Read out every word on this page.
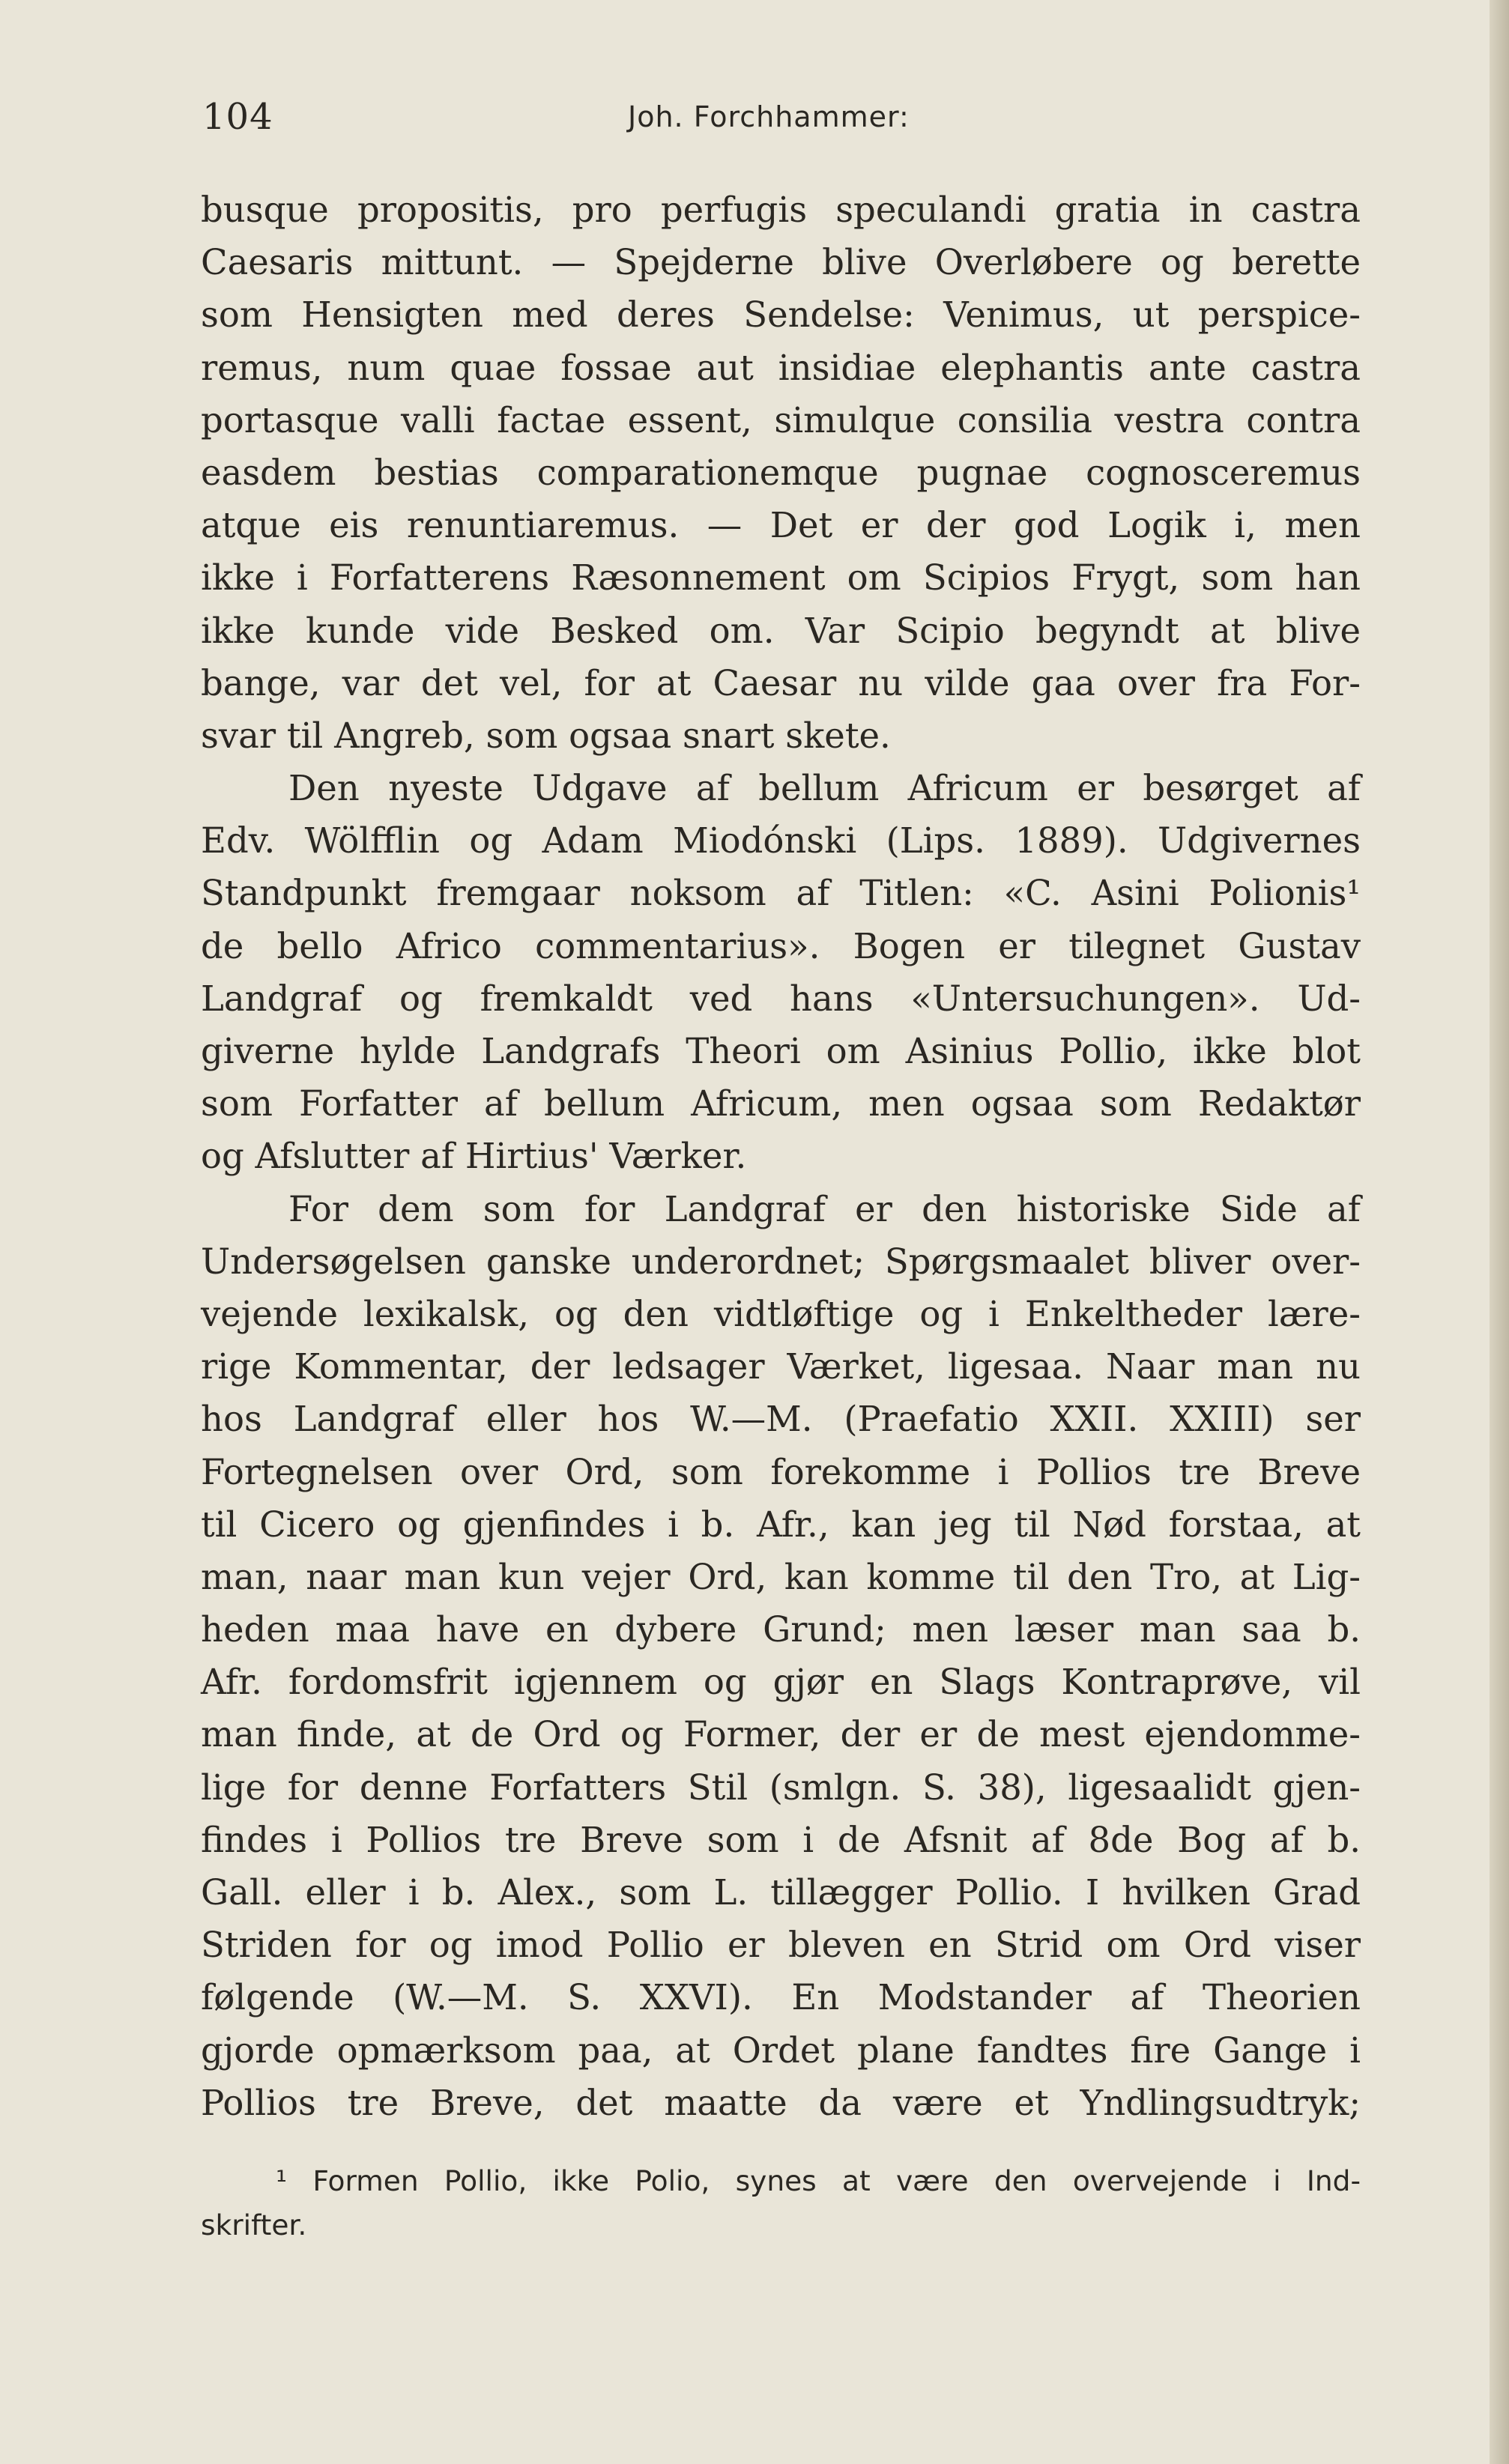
104	Joh. Forchhammer:
busque propositis, pro perfugis speculandi gratia in castra
Caesaris mittunt. — Spejderne blive Overløbere og berette
som Hensigten med deres Sendelse: Venimus, ut perspice-
remus, num quae fossae aut insidiae elephantis ante castra
portasque valli factae essent, simulque consilia vestra contra
easdem bestias comparationemque pugnae cognosceremus
atque eis renuntiaremus. — Det er der god Logik i, men
ikke i Forfatterens Ræsonnement om Scipios Frygt, som han
ikke kunde vide Besked om. Var Scipio begyndt at blive
bange, var det vel, for at Caesar nu vilde gaa over fra For-
svar til Angreb, som ogsaa snart skete.
Den nyeste Udgave af bellum Africum er besørget af
Edv. Wölfflin og Adam Miodónski (Lips. 1889). Udgivernes
Standpunkt fremgaar noksom af Titlen: «C. Asini Polionis¹
de bello Africo commentarius». Bogen er tilegnet Gustav
Landgraf og fremkaldt ved hans «Untersuchungen». Ud-
giverne hylde Landgrafs Theori om Asinius Pollio, ikke blot
som Forfatter af bellum Africum, men ogsaa som Redaktør
og Afslutter af Hirtius' Værker.
For dem som for Landgraf er den historiske Side af
Undersøgelsen ganske underordnet; Spørgsmaalet bliver over-
vejende lexikalsk, og den vidtløftige og i Enkeltheder lære-
rige Kommentar, der ledsager Værket, ligesaa. Naar man nu
hos Landgraf eller hos W.—M. (Praefatio XXII. XXIII) ser
Fortegnelsen over Ord, som forekomme i Pollios tre Breve
til Cicero og gjenfindes i b. Afr., kan jeg til Nød forstaa, at
man, naar man kun vejer Ord, kan komme til den Tro, at Lig-
heden maa have en dybere Grund; men læser man saa b.
Afr. fordomsfrit igjennem og gjør en Slags Kontraprøve, vil
man finde, at de Ord og Former, der er de mest ejendomme-
lige for denne Forfatters Stil (smlgn. S. 38), ligesaalidt gjen-
findes i Pollios tre Breve som i de Afsnit af 8de Bog af b.
Gall. eller i b. Alex., som L. tillægger Pollio. I hvilken Grad
Striden for og imod Pollio er bleven en Strid om Ord viser
følgende (W.—M. S. XXVI). En Modstander af Theorien
gjorde opmærksom paa, at Ordet plane fandtes fire Gange i
Pollios tre Breve, det maatte da være et Yndlingsudtryk;
¹ Formen Pollio, ikke Polio, synes at være den overvejende i Ind-
skrifter.
